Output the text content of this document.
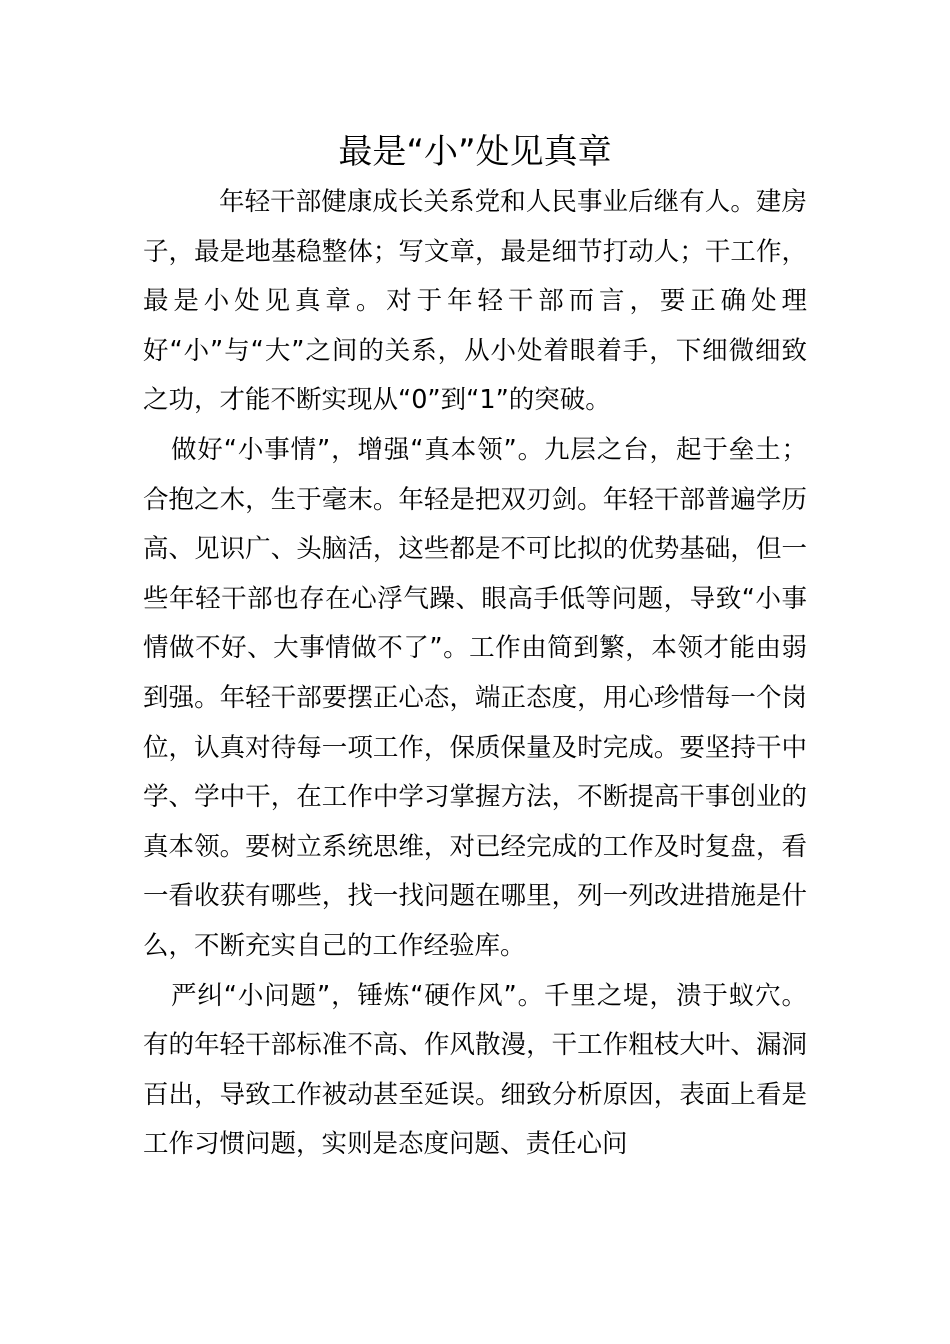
最是“小”处见真章

年轻干部健康成长关系党和人民事业后继有人。建房子，最是地基稳整体；写文章，最是细节打动人；干工作，最是小处见真章。对于年轻干部而言，要正确处理好“小”与“大”之间的关系，从小处着眼着手，下细微细致之功，才能不断实现从“0”到“1”的突破。

做好“小事情”，增强“真本领”。九层之台，起于垒土；合抱之木，生于毫末。年轻是把双刃剑。年轻干部普遍学历高、见识广、头脑活，这些都是不可比拟的优势基础，但一些年轻干部也存在心浮气躁、眼高手低等问题，导致“小事情做不好、大事情做不了”。工作由简到繁，本领才能由弱到强。年轻干部要摆正心态，端正态度，用心珍惜每一个岗位，认真对待每一项工作，保质保量及时完成。要坚持干中学、学中干，在工作中学习掌握方法，不断提高干事创业的真本领。要树立系统思维，对已经完成的工作及时复盘，看一看收获有哪些，找一找问题在哪里，列一列改进措施是什么，不断充实自己的工作经验库。

严纠“小问题”，锤炼“硬作风”。千里之堤，溃于蚁穴。有的年轻干部标准不高、作风散漫，干工作粗枝大叶、漏洞百出，导致工作被动甚至延误。细致分析原因，表面上看是工作习惯问题，实则是态度问题、责任心问
